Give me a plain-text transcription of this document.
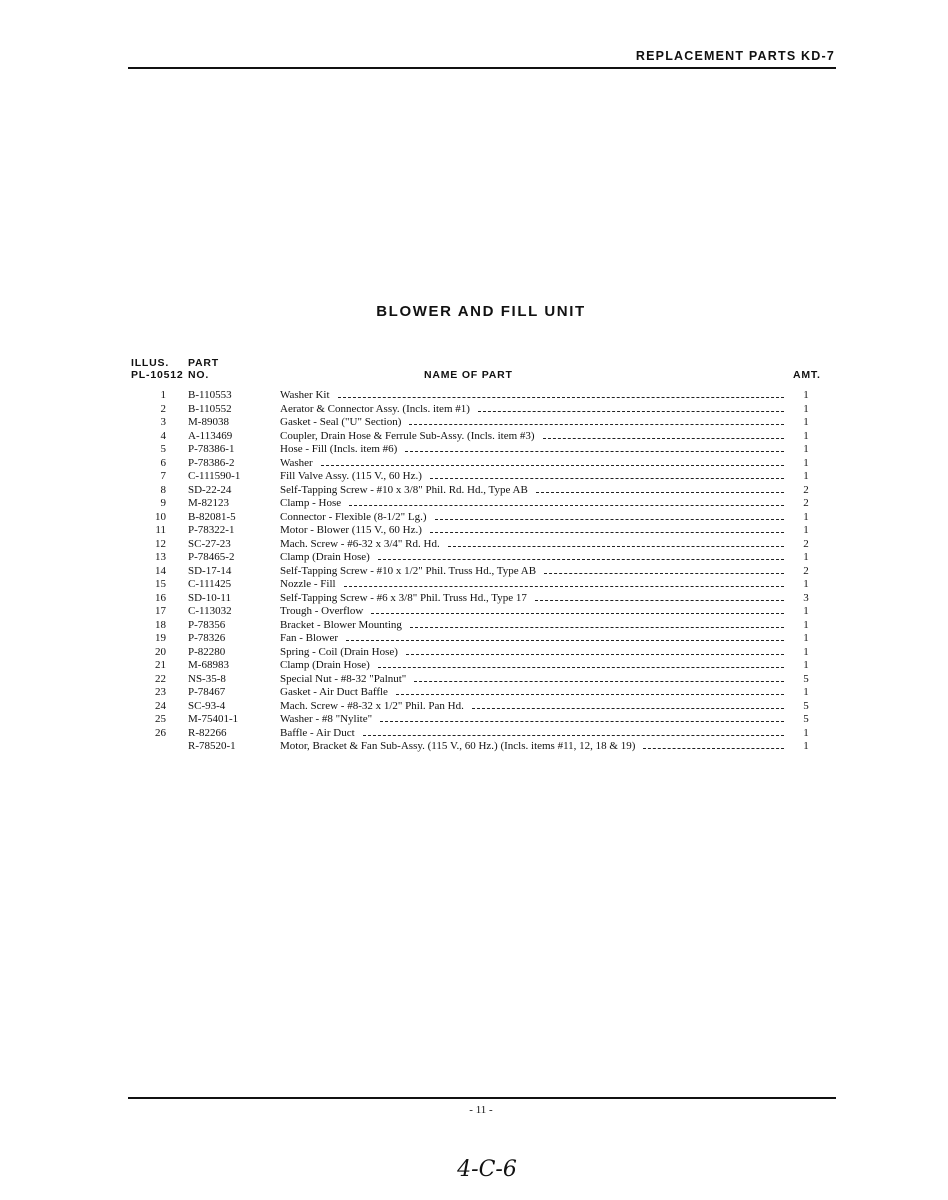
REPLACEMENT PARTS KD-7
BLOWER AND FILL UNIT
ILLUS.
PL-10512
PART
NO.	NAME OF PART	AMT.
1 B-110553	Washer Kit	1
2 B-110552	Aerator & Connector Assy. (Incls. item #1)	1
3 M-89038	Gasket - Seal ("U" Section)	1
4 A-113469	Coupler, Drain Hose & Ferrule Sub-Assy. (Incls. item #3)	1
5 P-78386-1	Hose - Fill (Incls. item #6)	1
6 P-78386-2	Washer	1
7 C-111590-1	Fill Valve Assy. (115 V., 60 Hz.)	1
8 SD-22-24	Self-Tapping Screw - #10 x 3/8" Phil. Rd. Hd., Type AB	2
9 M-82123	Clamp - Hose	2
10 B-82081-5	Connector - Flexible (8-1/2" Lg.)	1
11 P-78322-1	Motor - Blower (115 V., 60 Hz.)	1
12 SC-27-23	Mach. Screw - #6-32 x 3/4" Rd. Hd.	2
13 P-78465-2	Clamp (Drain Hose)	1
14 SD-17-14	Self-Tapping Screw - #10 x 1/2" Phil. Truss Hd., Type AB	2
15 C-111425	Nozzle - Fill	1
16 SD-10-11	Self-Tapping Screw - #6 x 3/8" Phil. Truss Hd., Type 17	3
17 C-113032	Trough - Overflow	1
18 P-78356	Bracket - Blower Mounting	1
19 P-78326	Fan - Blower	1
20 P-82280	Spring - Coil (Drain Hose)	1
21 M-68983	Clamp (Drain Hose)	1
22 NS-35-8	Special Nut - #8-32 "Palnut"	5
23 P-78467	Gasket - Air Duct Baffle	1
24 SC-93-4	Mach. Screw - #8-32 x 1/2" Phil. Pan Hd.	5
25 M-75401-1	Washer - #8 "Nylite"	5
26 R-82266	Baffle - Air Duct	1
R-78520-1	Motor, Bracket & Fan Sub-Assy. (115 V., 60 Hz.) (Incls. items #11, 12, 18 & 19)	1
- 11 -
4-C-6
